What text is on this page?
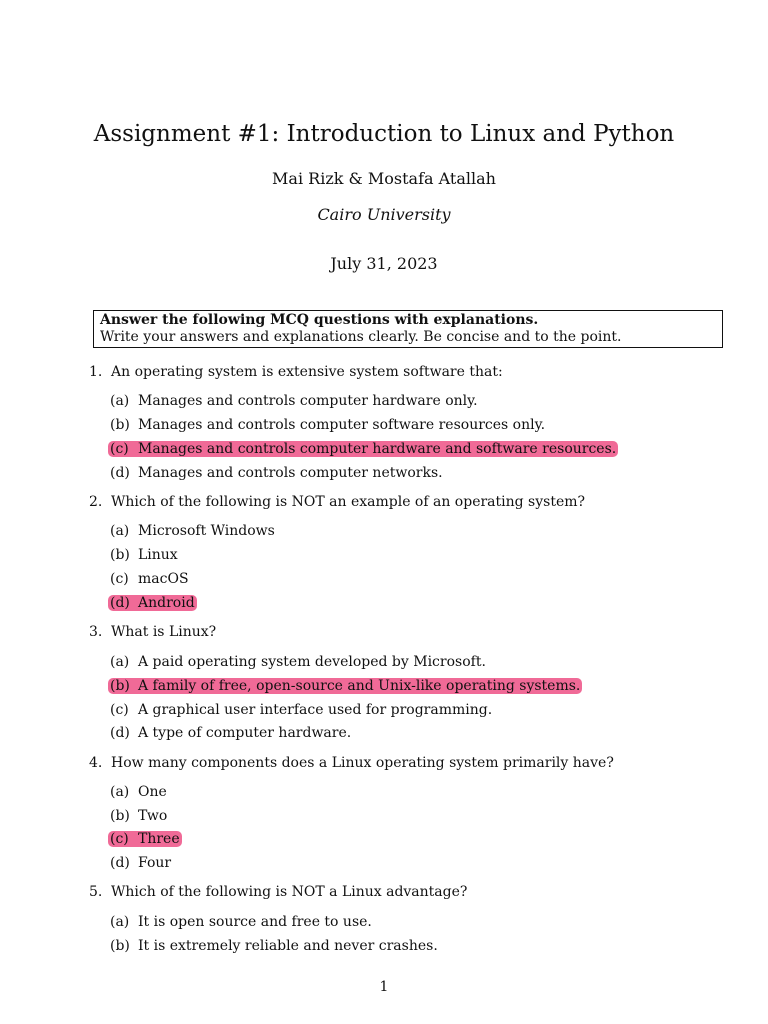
Assignment #1: Introduction to Linux and Python
Mai Rizk & Mostafa Atallah
Cairo University
July 31, 2023
Answer the following MCQ questions with explanations.
Write your answers and explanations clearly. Be concise and to the point.
1. An operating system is extensive system software that:
(a) Manages and controls computer hardware only.
(b) Manages and controls computer software resources only.
(c) Manages and controls computer hardware and software resources.
(d) Manages and controls computer networks.
2. Which of the following is NOT an example of an operating system?
(a) Microsoft Windows
(b) Linux
(c) macOS
(d) Android
3. What is Linux?
(a) A paid operating system developed by Microsoft.
(b) A family of free, open-source and Unix-like operating systems.
(c) A graphical user interface used for programming.
(d) A type of computer hardware.
4. How many components does a Linux operating system primarily have?
(a) One
(b) Two
(c) Three
(d) Four
5. Which of the following is NOT a Linux advantage?
(a) It is open source and free to use.
(b) It is extremely reliable and never crashes.
1
